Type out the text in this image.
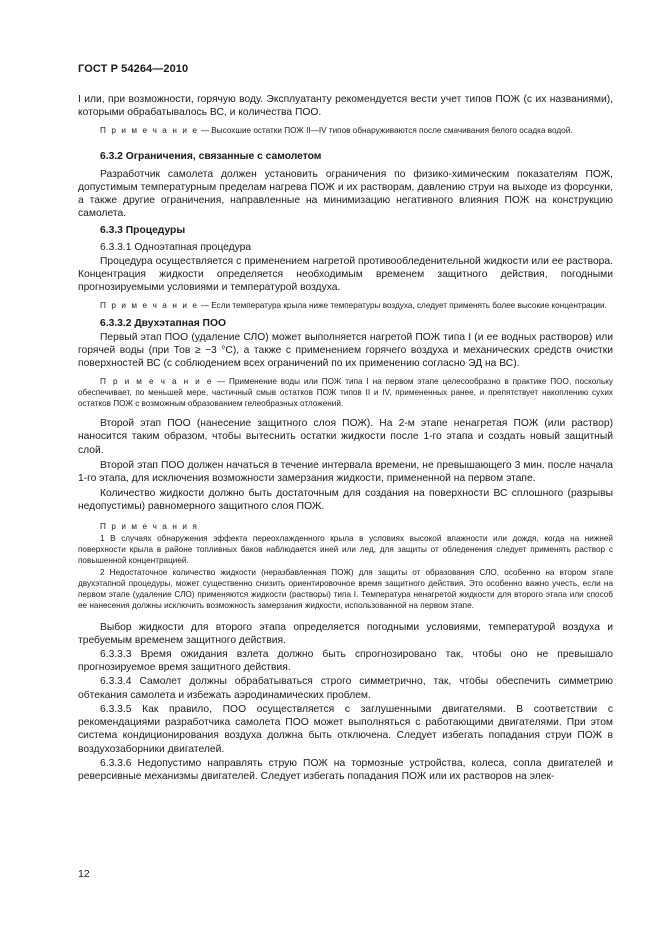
ГОСТ Р 54264—2010

I или, при возможности, горячую воду. Эксплуатанту рекомендуется вести учет типов ПОЖ (с их названиями), которыми обрабатывалось ВС, и количества ПОО.

П р и м е ч а н и е — Высохшие остатки ПОЖ II—IV типов обнаруживаются после смачивания белого осадка водой.

6.3.2 Ограничения, связанные с самолетом

Разработчик самолета должен установить ограничения по физико-химическим показателям ПОЖ, допустимым температурным пределам нагрева ПОЖ и их растворам, давлению струи на выходе из форсунки, а также другие ограничения, направленные на минимизацию негативного влияния ПОЖ на конструкцию самолета.

6.3.3 Процедуры

6.3.3.1 Одноэтапная процедура

Процедура осуществляется с применением нагретой противообледенительной жидкости или ее раствора. Концентрация жидкости определяется необходимым временем защитного действия, погодными прогнозируемыми условиями и температурой воздуха.

П р и м е ч а н и е — Если температура крыла ниже температуры воздуха, следует применять более высокие концентрации.

6.3.3.2 Двухэтапная ПОО

Первый этап ПОО (удаление СЛО) может выполняется нагретой ПОЖ типа I (и ее водных растворов) или горячей воды (при Тов ≥ −3 °С), а также с применением горячего воздуха и механических средств очистки поверхностей ВС (с соблюдением всех ограничений по их применению согласно ЭД на ВС).

П р и м е ч а н и е — Применение воды или ПОЖ типа I на первом этапе целесообразно в практике ПОО, поскольку обеспечивает, по меньшей мере, частичный смыв остатков ПОЖ типов II и IV, примененных ранее, и препятствует накоплению сухих остатков ПОЖ с возможным образованием гелеобразных отложений.

Второй этап ПОО (нанесение защитного слоя ПОЖ). На 2-м этапе ненагретая ПОЖ (или раствор) наносится таким образом, чтобы вытеснить остатки жидкости после 1-го этапа и создать новый защитный слой.

Второй этап ПОО должен начаться в течение интервала времени, не превышающего 3 мин. после начала 1-го этапа, для исключения возможности замерзания жидкости, примененной на первом этапе.

Количество жидкости должно быть достаточным для создания на поверхности ВС сплошного (разрывы недопустимы) равномерного защитного слоя ПОЖ.

П р и м е ч а н и я

1 В случаях обнаружения эффекта переохлажденного крыла в условиях высокой влажности или дождя, когда на нижней поверхности крыла в районе топливных баков наблюдается иней или лед, для защиты от обледенения следует применять раствор с повышенной концентрацией.

2 Недостаточное количество жидкости (неразбавленная ПОЖ) для защиты от образования СЛО, особенно на втором этапе двухэтапной процедуры, может существенно снизить ориентировочное время защитного действия. Это особенно важно учесть, если на первом этапе (удаление СЛО) применяются жидкости (растворы) типа I. Температура ненагретой жидкости для второго этапа или способ ее нанесения должны исключить возможность замерзания жидкости, использованной на первом этапе.

Выбор жидкости для второго этапа определяется погодными условиями, температурой воздуха и требуемым временем защитного действия.

6.3.3.3 Время ожидания взлета должно быть спрогнозировано так, чтобы оно не превышало прогнозируемое время защитного действия.

6.3.3.4 Самолет должны обрабатываться строго симметрично, так, чтобы обеспечить симметрию обтекания самолета и избежать аэродинамических проблем.

6.3.3.5 Как правило, ПОО осуществляется с заглушенными двигателями. В соответствии с рекомендациями разработчика самолета ПОО может выполняться с работающими двигателями. При этом система кондиционирования воздуха должна быть отключена. Следует избегать попадания струи ПОЖ в воздухозаборники двигателей.

6.3.3.6 Недопустимо направлять струю ПОЖ на тормозные устройства, колеса, сопла двигателей и реверсивные механизмы двигателей. Следует избегать попадания ПОЖ или их растворов на элек-

12
